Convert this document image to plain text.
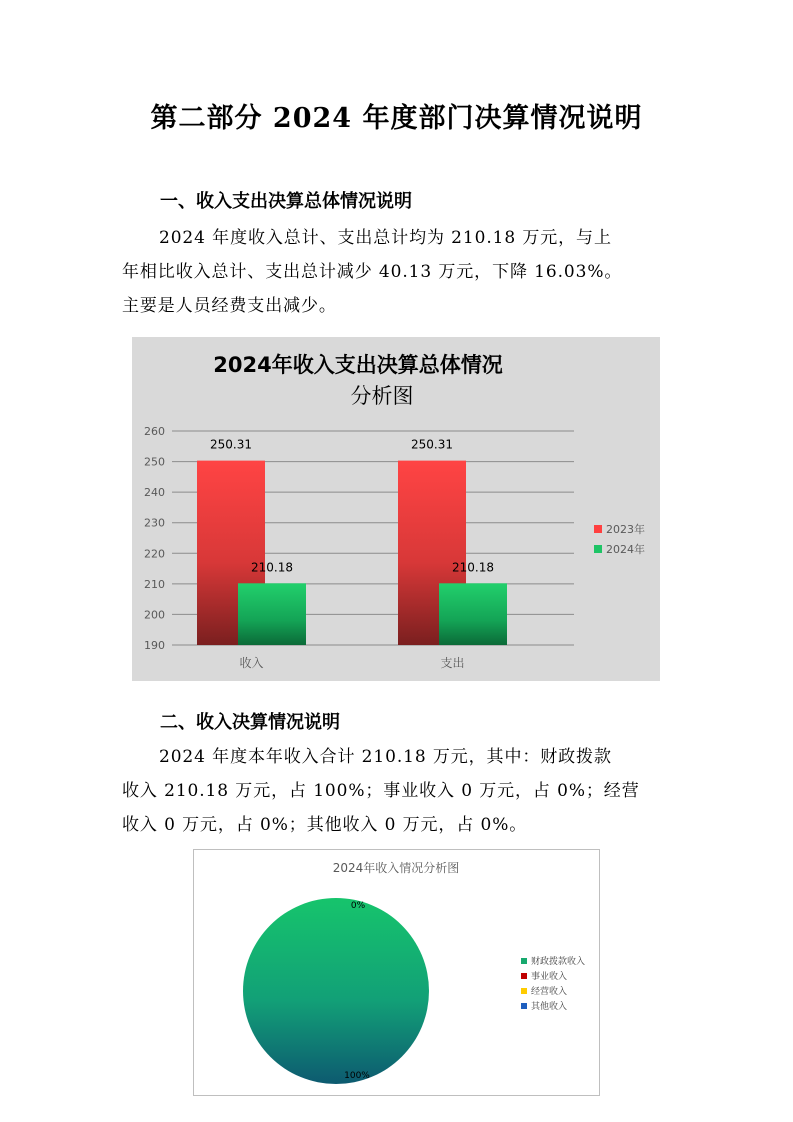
第二部分 2024 年度部门决算情况说明
一、收入支出决算总体情况说明
2024 年度收入总计、支出总计均为 210.18 万元，与上
年相比收入总计、支出总计减少 40.13 万元，下降 16.03%。
主要是人员经费支出减少。
2024年收入支出决算总体情况
分析图
190
200
210
220
230
240
250
260
250.31
210.18
收入
250.31
210.18
支出
2023年
2024年
二、收入决算情况说明
2024 年度本年收入合计 210.18 万元，其中：财政拨款
收入 210.18 万元，占 100%；事业收入 0 万元，占 0%；经营
收入 0 万元，占 0%；其他收入 0 万元，占 0%。
2024年收入情况分析图
100%
0%
财政拨款收入
事业收入
经营收入
其他收入
